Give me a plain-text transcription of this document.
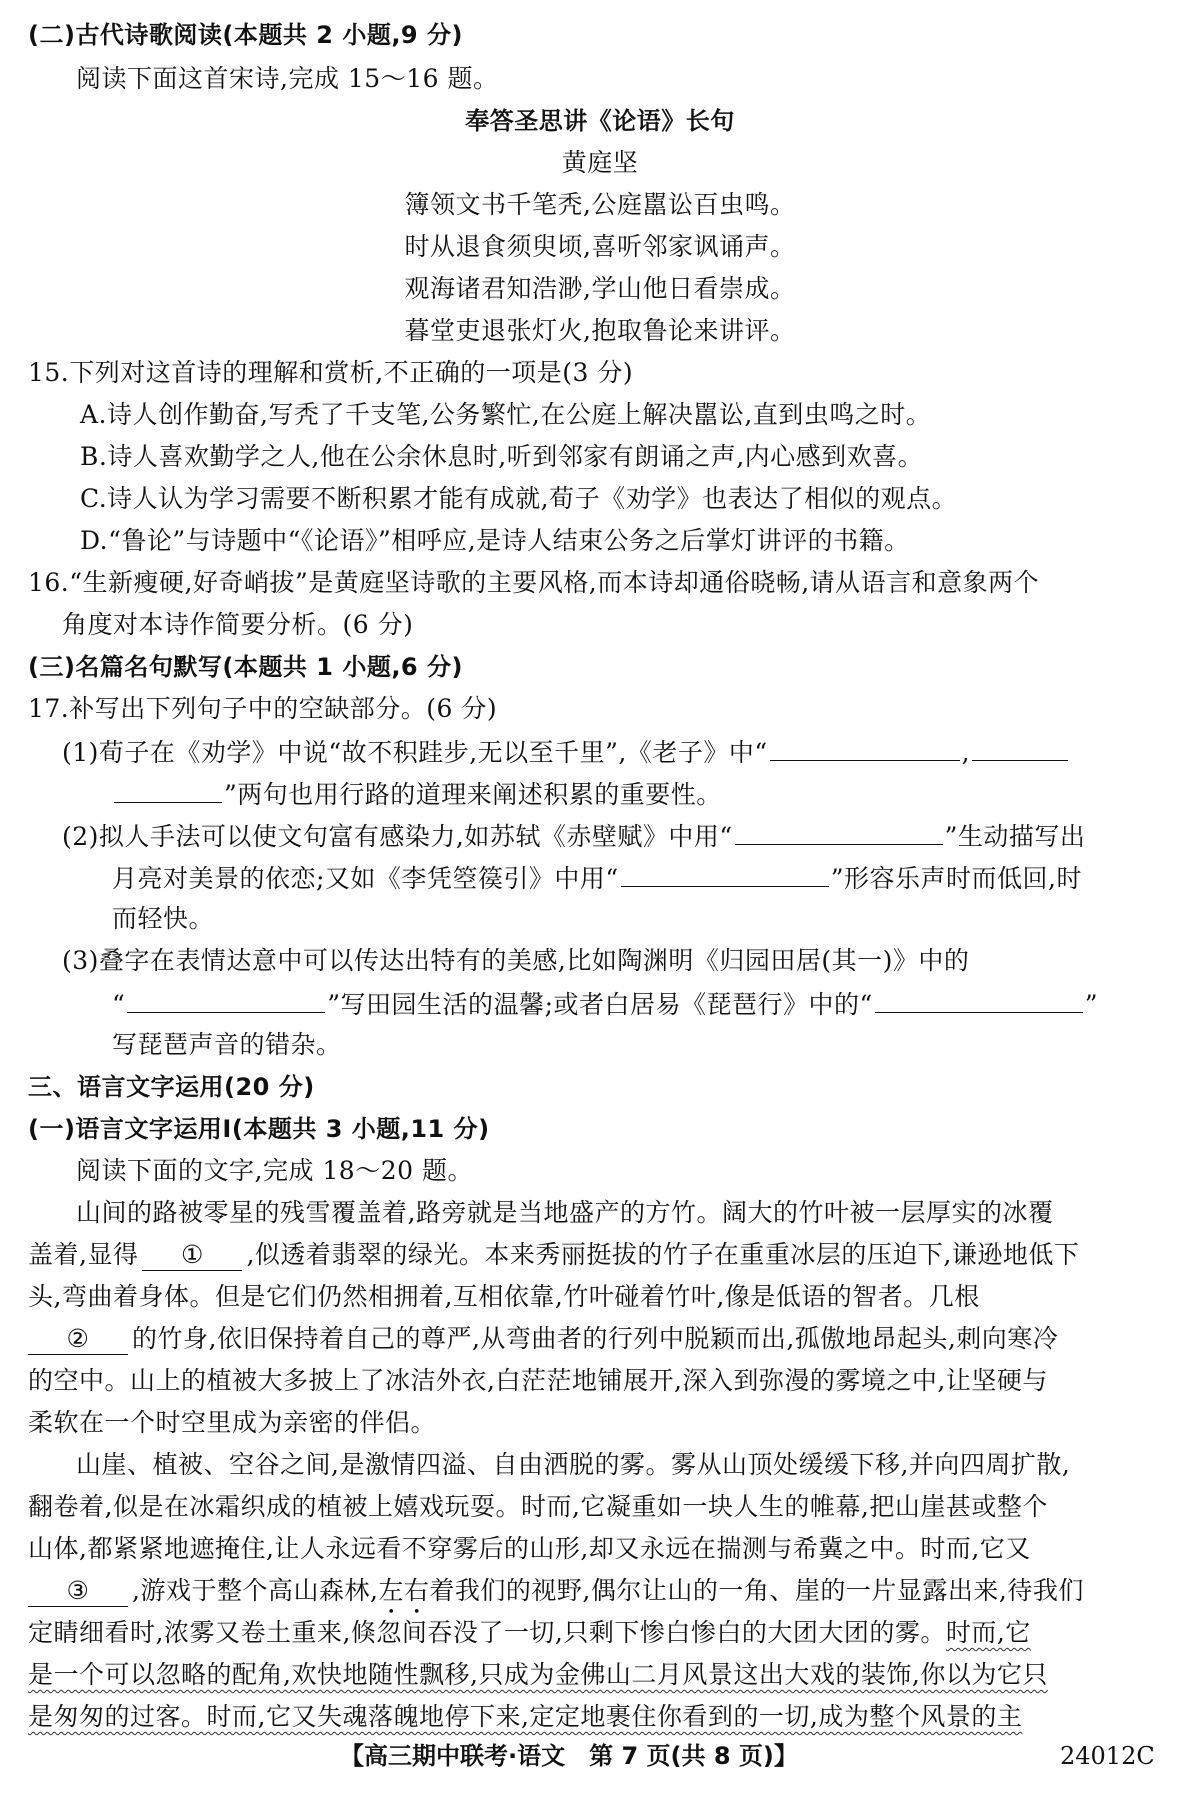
(二)古代诗歌阅读(本题共 2 小题,9 分)
阅读下面这首宋诗,完成 15～16 题。
奉答圣思讲《论语》长句
黄庭坚
簿领文书千笔秃,公庭嚚讼百虫鸣。
时从退食须臾顷,喜听邻家讽诵声。
观海诸君知浩渺,学山他日看崇成。
暮堂吏退张灯火,抱取鲁论来讲评。
15.下列对这首诗的理解和赏析,不正确的一项是(3 分)
A.诗人创作勤奋,写秃了千支笔,公务繁忙,在公庭上解决嚚讼,直到虫鸣之时。
B.诗人喜欢勤学之人,他在公余休息时,听到邻家有朗诵之声,内心感到欢喜。
C.诗人认为学习需要不断积累才能有成就,荀子《劝学》也表达了相似的观点。
D.“鲁论”与诗题中“《论语》”相呼应,是诗人结束公务之后掌灯讲评的书籍。
16.“生新瘦硬,好奇峭拔”是黄庭坚诗歌的主要风格,而本诗却通俗晓畅,请从语言和意象两个
角度对本诗作简要分析。(6 分)
(三)名篇名句默写(本题共 1 小题,6 分)
17.补写出下列句子中的空缺部分。(6 分)
(1)荀子在《劝学》中说“故不积跬步,无以至千里”,《老子》中“	,
”两句也用行路的道理来阐述积累的重要性。
(2)拟人手法可以使文句富有感染力,如苏轼《赤壁赋》中用“	”生动描写出
月亮对美景的依恋;又如《李凭箜篌引》中用“	”形容乐声时而低回,时
而轻快。
(3)叠字在表情达意中可以传达出特有的美感,比如陶渊明《归园田居(其一)》中的
“	”写田园生活的温馨;或者白居易《琵琶行》中的“	”
写琵琶声音的错杂。
三、语言文字运用(20 分)
(一)语言文字运用Ⅰ(本题共 3 小题,11 分)
阅读下面的文字,完成 18～20 题。
山间的路被零星的残雪覆盖着,路旁就是当地盛产的方竹。阔大的竹叶被一层厚实的冰覆
盖着,显得 ① ,似透着翡翠的绿光。本来秀丽挺拔的竹子在重重冰层的压迫下,谦逊地低下
头,弯曲着身体。但是它们仍然相拥着,互相依靠,竹叶碰着竹叶,像是低语的智者。几根
② 的竹身,依旧保持着自己的尊严,从弯曲者的行列中脱颖而出,孤傲地昂起头,刺向寒冷
的空中。山上的植被大多披上了冰洁外衣,白茫茫地铺展开,深入到弥漫的雾境之中,让坚硬与
柔软在一个时空里成为亲密的伴侣。
山崖、植被、空谷之间,是激情四溢、自由洒脱的雾。雾从山顶处缓缓下移,并向四周扩散,
翻卷着,似是在冰霜织成的植被上嬉戏玩耍。时而,它凝重如一块人生的帷幕,把山崖甚或整个
山体,都紧紧地遮掩住,让人永远看不穿雾后的山形,却又永远在揣测与希冀之中。时而,它又
③ ,游戏于整个高山森林,左右着我们的视野,偶尔让山的一角、崖的一片显露出来,待我们
定睛细看时,浓雾又卷土重来,倏忽间吞没了一切,只剩下惨白惨白的大团大团的雾。时而,它
是一个可以忽略的配角,欢快地随性飘移,只成为金佛山二月风景这出大戏的装饰,你以为它只
是匆匆的过客。时而,它又失魂落魄地停下来,定定地裹住你看到的一切,成为整个风景的主
【高三期中联考·语文　第 7 页(共 8 页)】	24012C
